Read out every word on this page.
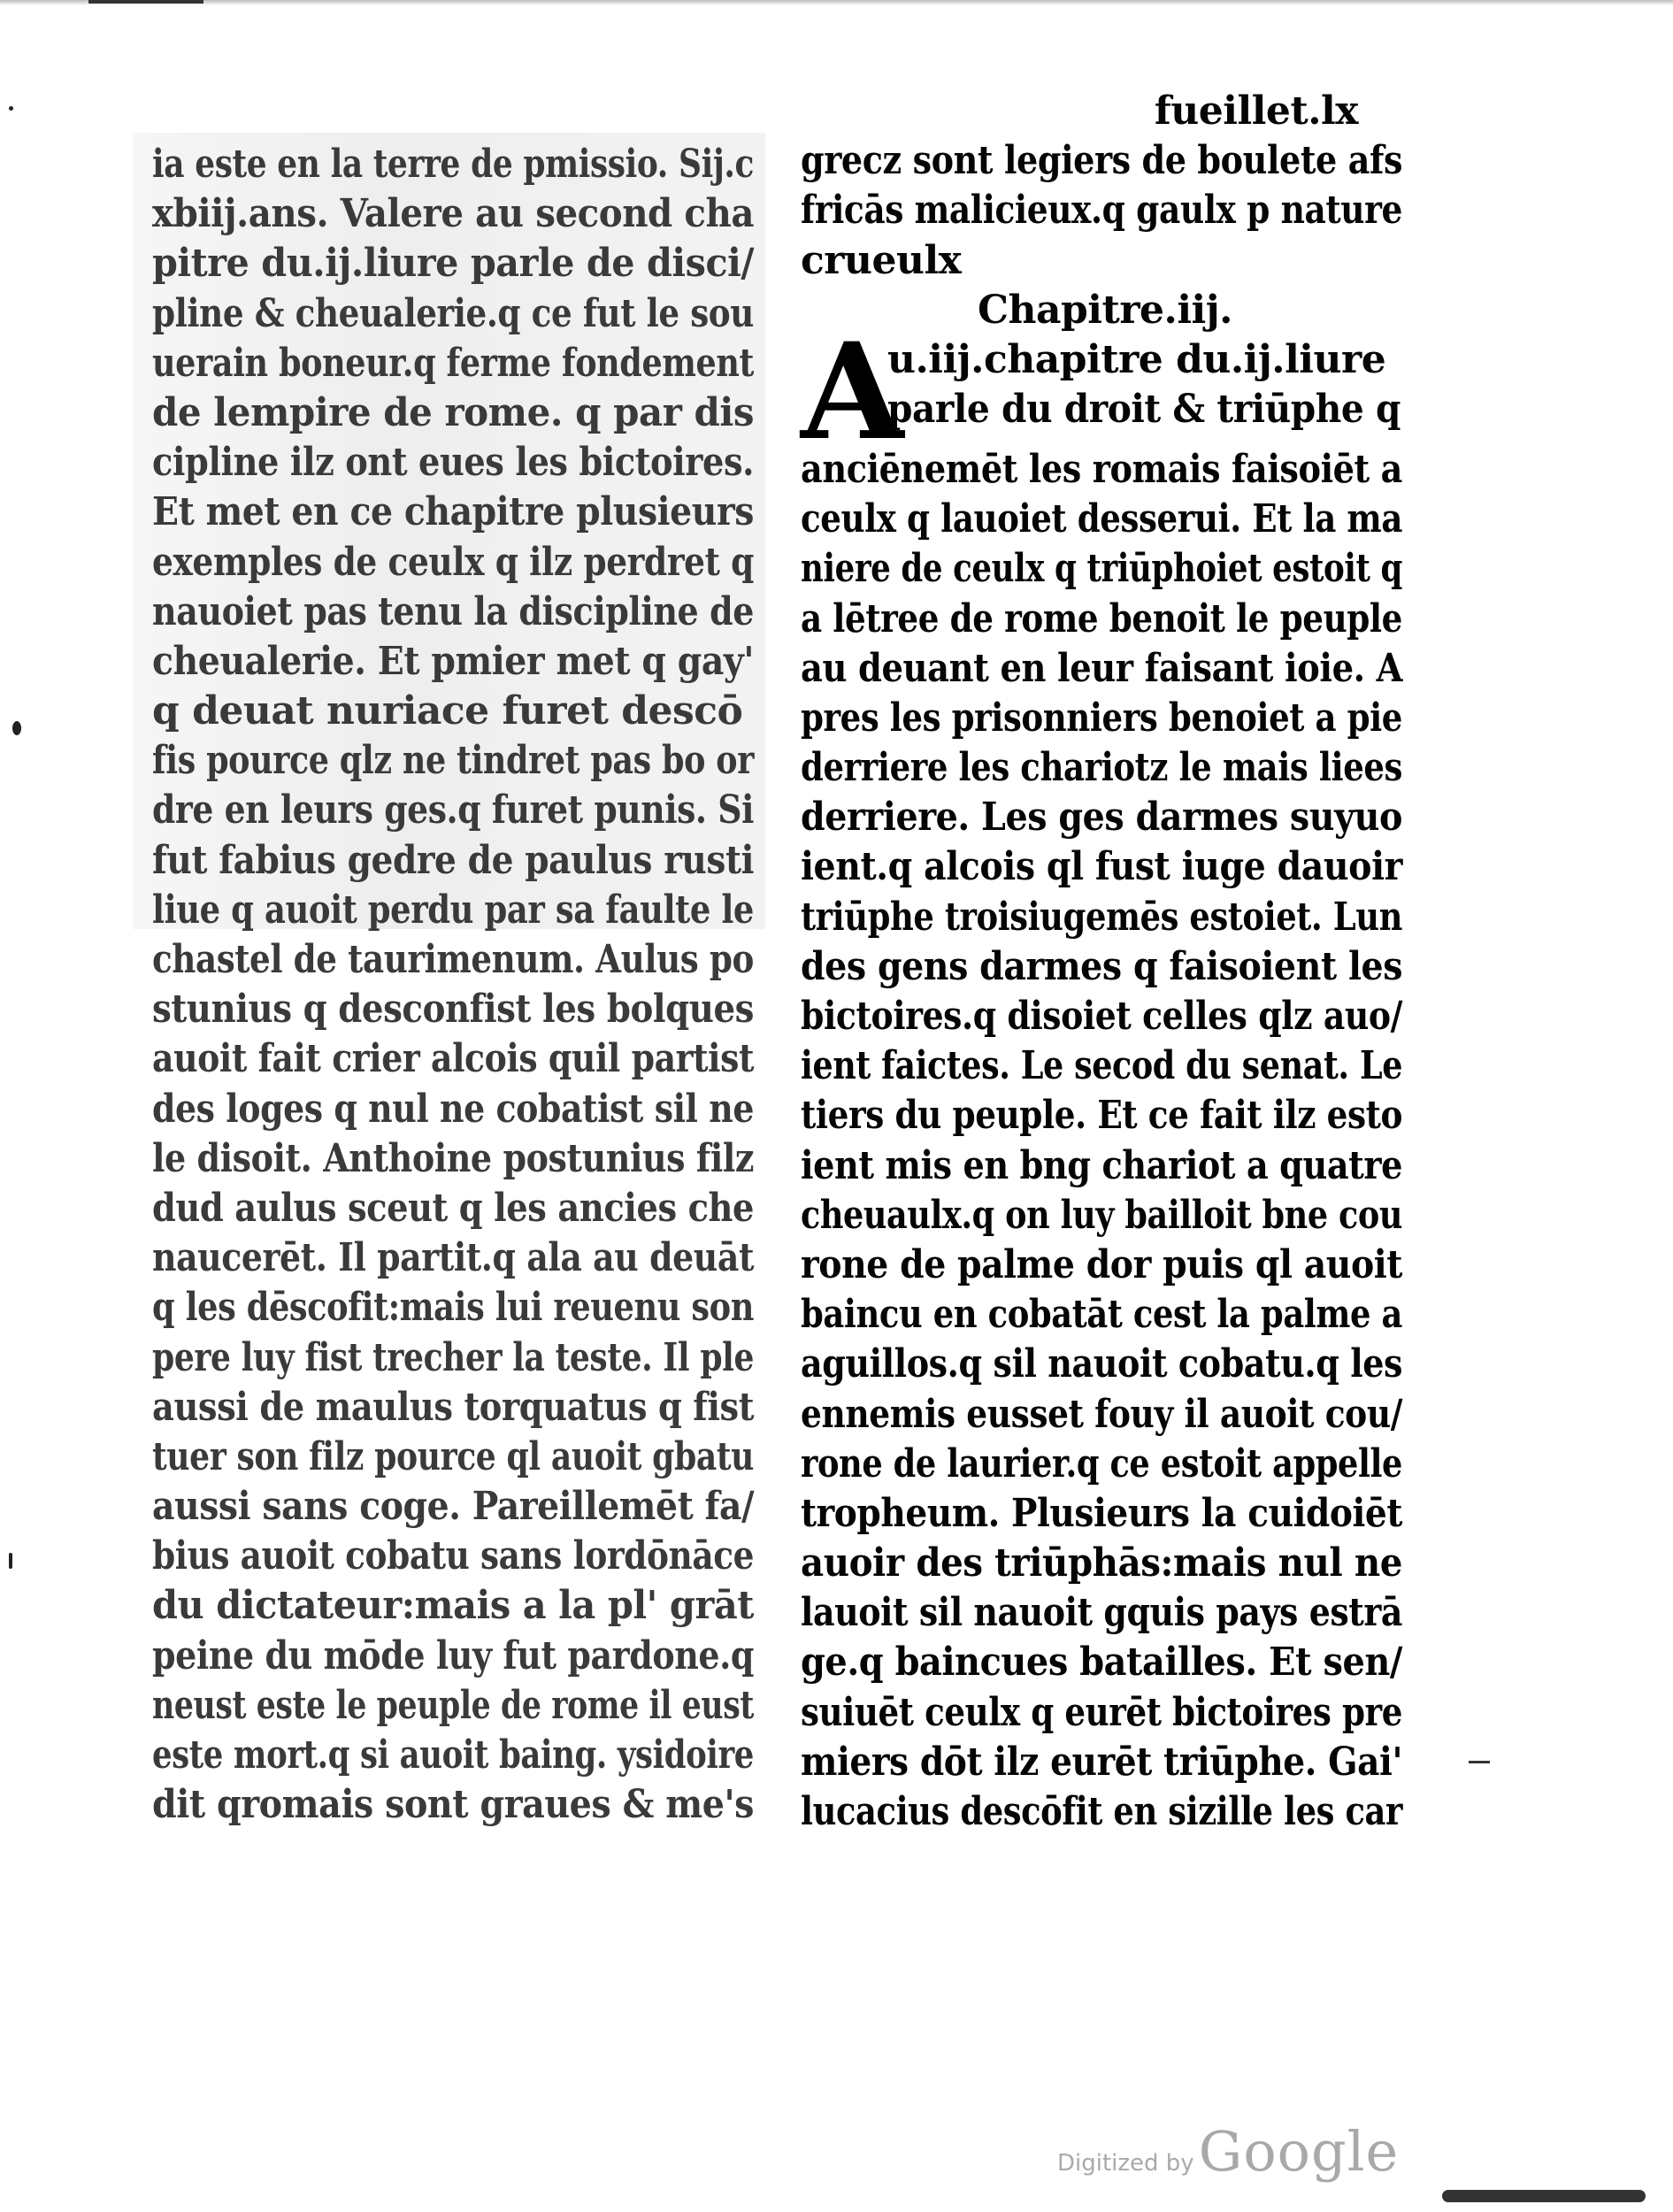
ia este en la terre de pmissio. Sij.c
xbiij.ans. Valere au second cha
pitre du.ij.liure parle de disci/
pline & cheualerie.q ce fut le sou
uerain boneur.q ferme fondement
de lempire de rome. q par dis
cipline ilz ont eues les bictoires.
Et met en ce chapitre plusieurs
exemples de ceulx q ilz perdret q
nauoiet pas tenu la discipline de
cheualerie. Et pmier met q gay'
q deuat nuriace furet descō
fis pource qlz ne tindret pas bo or
dre en leurs ges.q furet punis. Si
fut fabius gedre de paulus rusti
liue q auoit perdu par sa faulte le
chastel de taurimenum. Aulus po
stunius q desconfist les bolques
auoit fait crier alcois quil partist
des loges q nul ne cobatist sil ne
le disoit. Anthoine postunius filz
dud aulus sceut q les ancies che
naucerēt. Il partit.q ala au deuāt
q les dēscofit:mais lui reuenu son
pere luy fist trecher la teste. Il ple
aussi de maulus torquatus q fist
tuer son filz pource ql auoit gbatu
aussi sans coge. Pareillemēt fa/
bius auoit cobatu sans lordōnāce
du dictateur:mais a la pl' grāt
peine du mōde luy fut pardone.q
neust este le peuple de rome il eust
este mort.q si auoit baing. ysidoire
dit qromais sont graues & me's
fueillet.lx
grecz sont legiers de boulete afs
fricās malicieux.q gaulx p nature
crueulx
Chapitre.iij.
A
u.iij.chapitre du.ij.liure
parle du droit & triūphe q
anciēnemēt les romais faisoiēt a
ceulx q lauoiet desserui. Et la ma
niere de ceulx q triūphoiet estoit q
a lētree de rome benoit le peuple
au deuant en leur faisant ioie. A
pres les prisonniers benoiet a pie
derriere les chariotz le mais liees
derriere. Les ges darmes suyuo
ient.q alcois ql fust iuge dauoir
triūphe troisiugemēs estoiet. Lun
des gens darmes q faisoient les
bictoires.q disoiet celles qlz auo/
ient faictes. Le secod du senat. Le
tiers du peuple. Et ce fait ilz esto
ient mis en bng chariot a quatre
cheuaulx.q on luy bailloit bne cou
rone de palme dor puis ql auoit
baincu en cobatāt cest la palme a
aguillos.q sil nauoit cobatu.q les
ennemis eusset fouy il auoit cou/
rone de laurier.q ce estoit appelle
tropheum. Plusieurs la cuidoiēt
auoir des triūphās:mais nul ne
lauoit sil nauoit gquis pays estrā
ge.q baincues batailles. Et sen/
suiuēt ceulx q eurēt bictoires pre
miers dōt ilz eurēt triūphe. Gai'
lucacius descōfit en sizille les car
Digitized by Google
